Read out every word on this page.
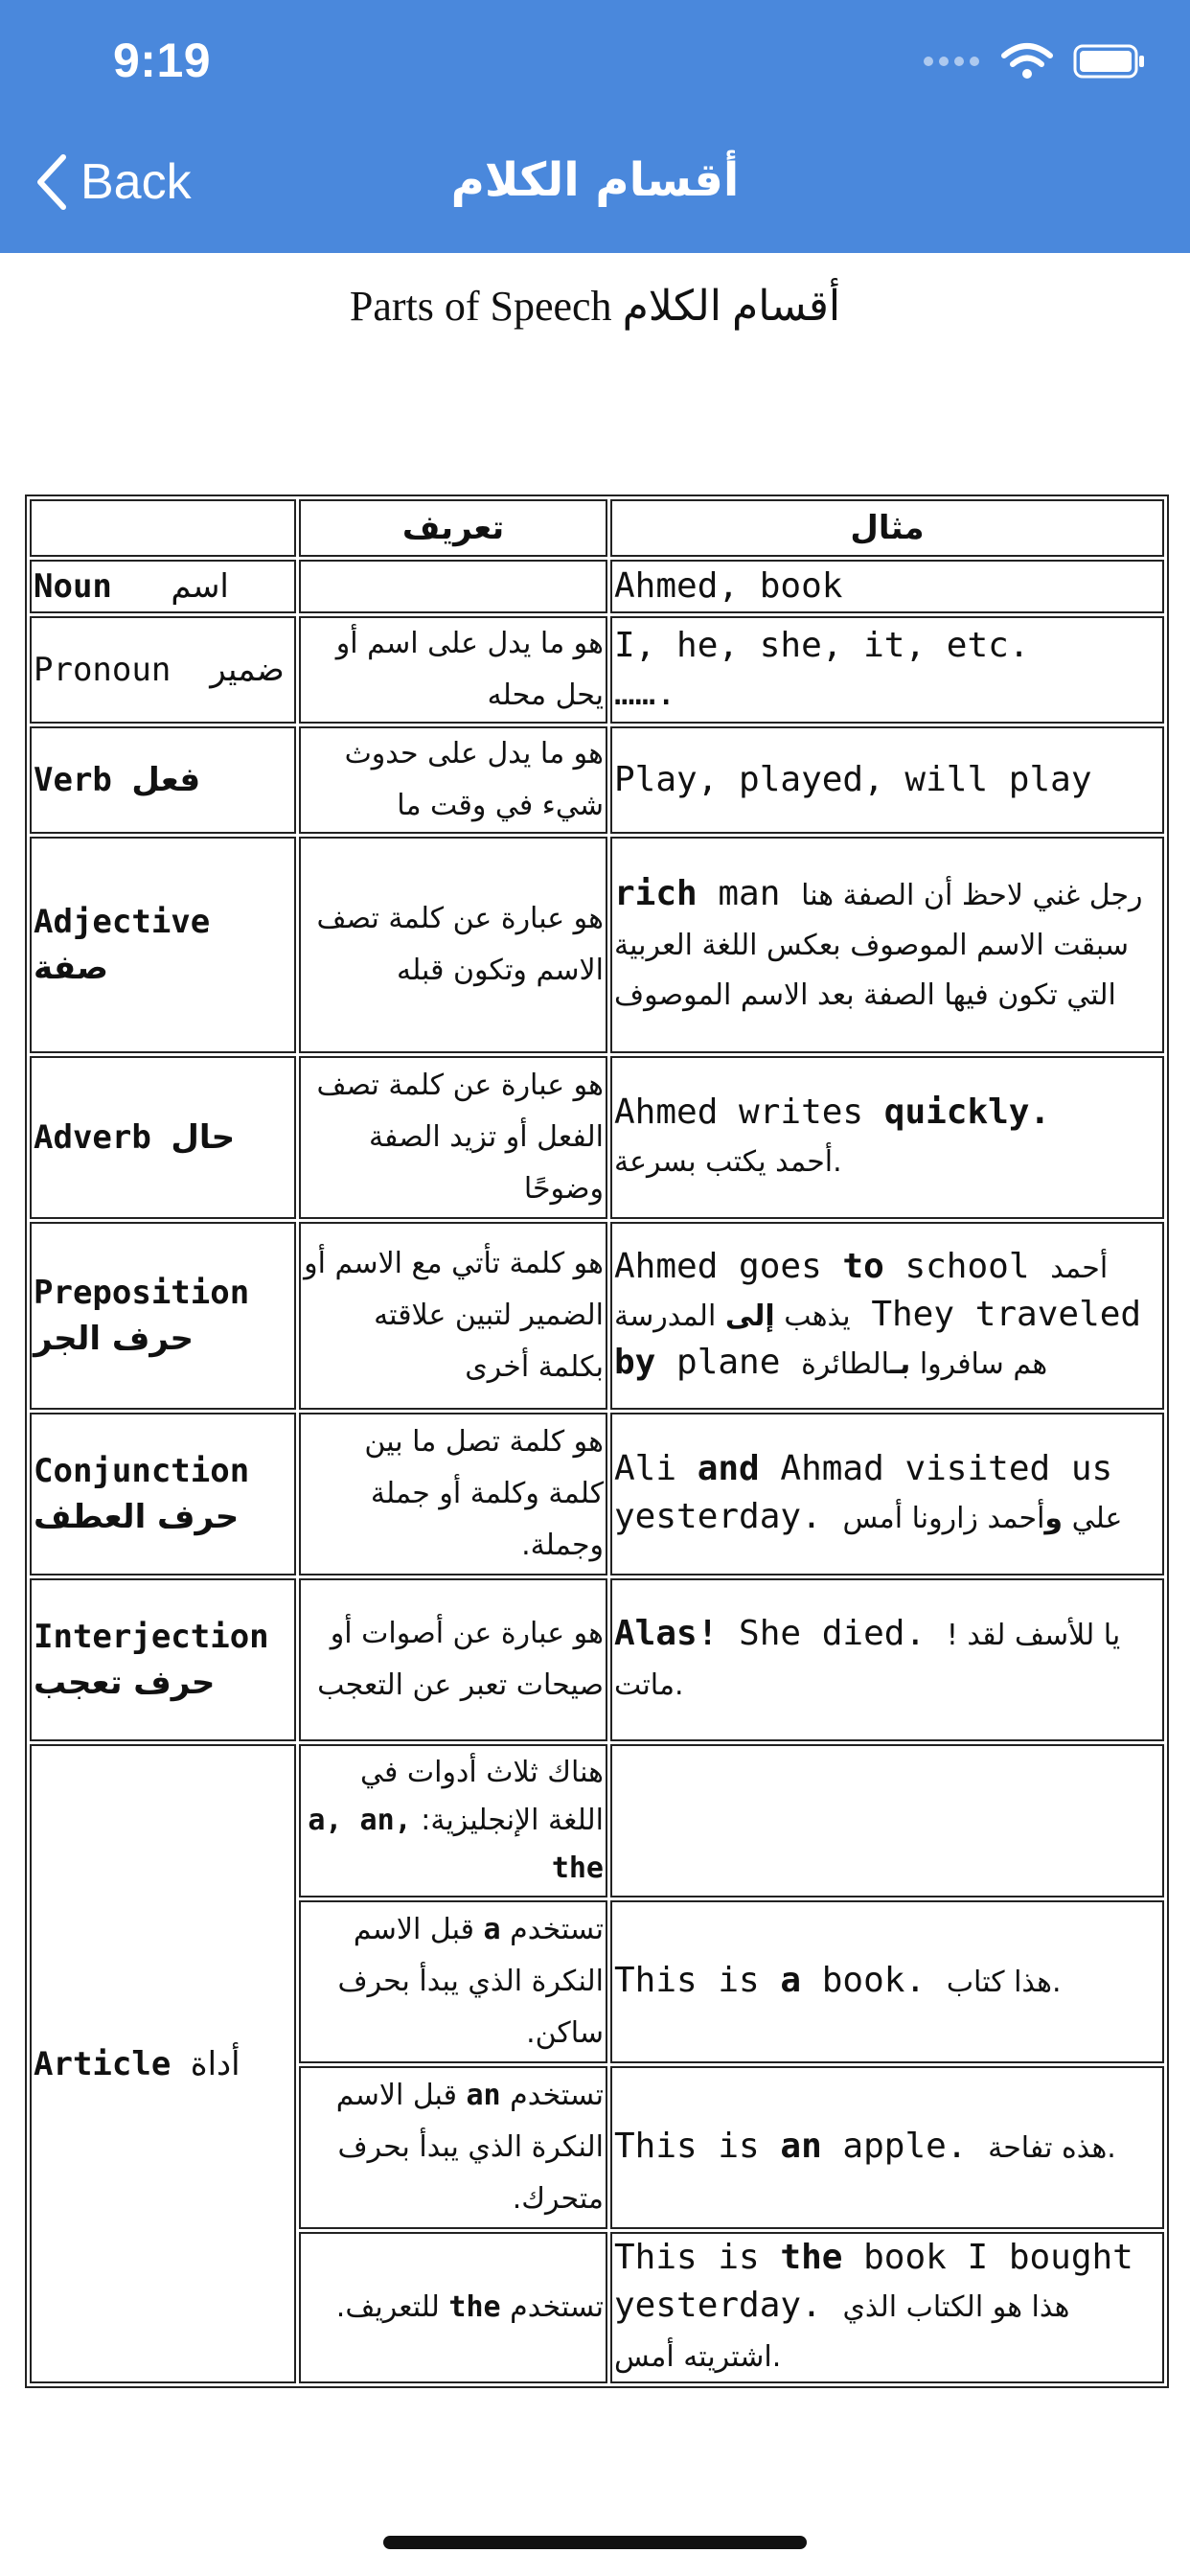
9:19
Back	أقسام الكلام
Parts of Speech أقسام الكلام
	تعريف	مثال
Noun اسم		Ahmed, book
Pronoun ضمير	هو ما يدل على اسم أو يحل محله	I, he, she, it, etc.
…….
Verb فعل	هو ما يدل على حدوث شيء في وقت ما	Play, played, will play
Adjective
صفة	هو عبارة عن كلمة تصف الاسم وتكون قبله	rich man رجل غني لاحظ أن الصفة هنا سبقت الاسم الموصوف بعكس اللغة العربية التي تكون فيها الصفة بعد الاسم الموصوف
Adverb حال	هو عبارة عن كلمة تصف الفعل أو تزيد الصفة وضوحًا	Ahmed writes quickly.
أحمد يكتب بسرعة.
Preposition
حرف الجر	هو كلمة تأتي مع الاسم أو الضمير لتبين علاقته بكلمة أخرى	Ahmed goes to school أحمد يذهب إلى المدرسة They traveled by plane هم سافروا بـالطائرة
Conjunction
حرف العطف	هو كلمة تصل ما بين كلمة وكلمة أو جملة وجملة.	Ali and Ahmad visited us yesterday. علي وأحمد زارونا أمس
Interjection
حرف تعجب	هو عبارة عن أصوات أو صيحات تعبر عن التعجب	Alas! She died. ! يا للأسف لقد ماتت.
Article أداة	هناك ثلاث أدوات في اللغة الإنجليزية: a, an, the	
	تستخدم a قبل الاسم النكرة الذي يبدأ بحرف ساكن.	This is a book. هذا كتاب.
	تستخدم an قبل الاسم النكرة الذي يبدأ بحرف متحرك.	This is an apple. هذه تفاحة.
	تستخدم the للتعريف.	This is the book I bought yesterday. هذا هو الكتاب الذي اشتريته أمس.
